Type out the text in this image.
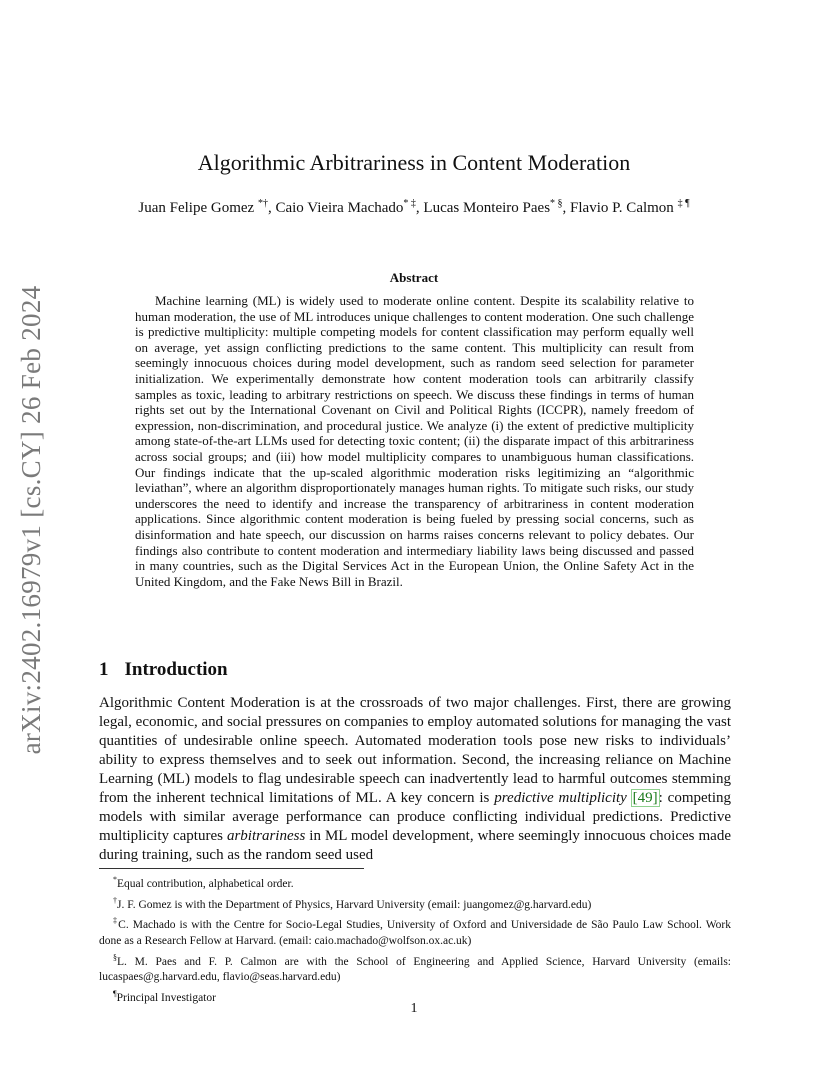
arXiv:2402.16979v1 [cs.CY] 26 Feb 2024
Algorithmic Arbitrariness in Content Moderation

Juan Felipe Gomez *†, Caio Vieira Machado* ‡, Lucas Monteiro Paes* §, Flavio P. Calmon ‡ ¶

Abstract

Machine learning (ML) is widely used to moderate online content. Despite its scalability relative to human moderation, the use of ML introduces unique challenges to content moderation. One such challenge is predictive multiplicity: multiple competing models for content classification may perform equally well on average, yet assign conflicting predictions to the same content. This multiplicity can result from seemingly innocuous choices during model development, such as random seed selection for parameter initialization. We experimentally demonstrate how content moderation tools can arbitrarily classify samples as toxic, leading to arbitrary restrictions on speech. We discuss these findings in terms of human rights set out by the International Covenant on Civil and Political Rights (ICCPR), namely freedom of expression, non-discrimination, and procedural justice. We analyze (i) the extent of predictive multiplicity among state-of-the-art LLMs used for detecting toxic content; (ii) the disparate impact of this arbitrariness across social groups; and (iii) how model multiplicity compares to unambiguous human classifications. Our findings indicate that the up-scaled algorithmic moderation risks legitimizing an “algorithmic leviathan”, where an algorithm disproportionately manages human rights. To mitigate such risks, our study underscores the need to identify and increase the transparency of arbitrariness in content moderation applications. Since algorithmic content moderation is being fueled by pressing social concerns, such as disinformation and hate speech, our discussion on harms raises concerns relevant to policy debates. Our findings also contribute to content moderation and intermediary liability laws being discussed and passed in many countries, such as the Digital Services Act in the European Union, the Online Safety Act in the United Kingdom, and the Fake News Bill in Brazil.

1 Introduction

Algorithmic Content Moderation is at the crossroads of two major challenges. First, there are growing legal, economic, and social pressures on companies to employ automated solutions for managing the vast quantities of undesirable online speech. Automated moderation tools pose new risks to individuals’ ability to express themselves and to seek out information. Second, the increasing reliance on Machine Learning (ML) models to flag undesirable speech can inadvertently lead to harmful outcomes stemming from the inherent technical limitations of ML. A key concern is predictive multiplicity [49]: competing models with similar average performance can produce conflicting individual predictions. Predictive multiplicity captures arbitrariness in ML model development, where seemingly innocuous choices made during training, such as the random seed used

*Equal contribution, alphabetical order.

†J. F. Gomez is with the Department of Physics, Harvard University (email: juangomez@g.harvard.edu)

‡C. Machado is with the Centre for Socio-Legal Studies, University of Oxford and Universidade de São Paulo Law School. Work done as a Research Fellow at Harvard. (email: caio.machado@wolfson.ox.ac.uk)

§L. M. Paes and F. P. Calmon are with the School of Engineering and Applied Science, Harvard University (emails: lucaspaes@g.harvard.edu, flavio@seas.harvard.edu)

¶Principal Investigator

1
